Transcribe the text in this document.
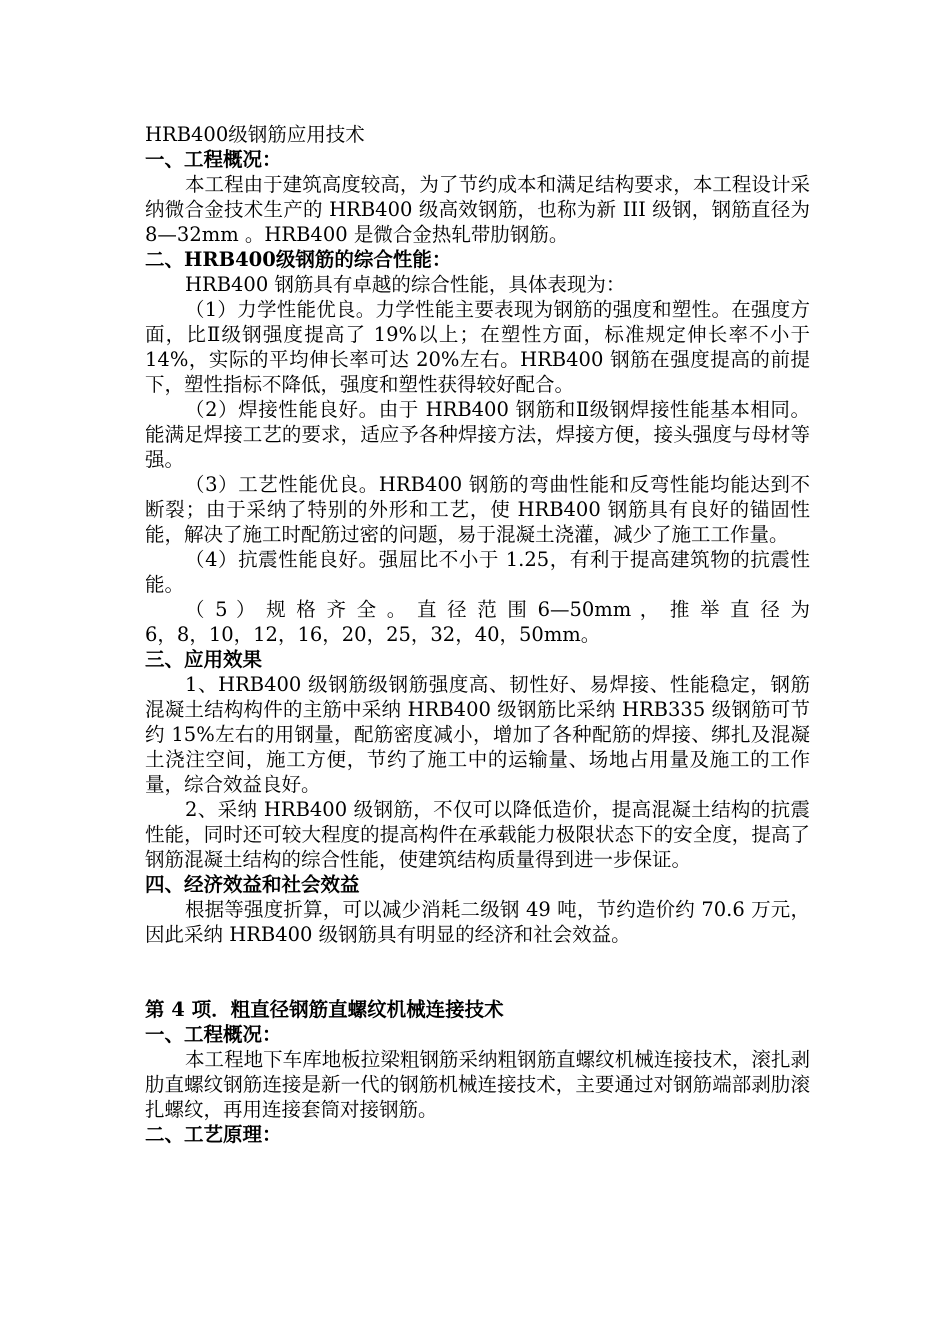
HRB400级钢筋应用技术

一、工程概况：

本工程由于建筑高度较高，为了节约成本和满足结构要求，本工程设计采纳微合金技术生产的 HRB400 级高效钢筋，也称为新 III 级钢，钢筋直径为 8—32mm 。HRB400 是微合金热轧带肋钢筋。

二、HRB400级钢筋的综合性能：

HRB400 钢筋具有卓越的综合性能，具体表现为：

（1）力学性能优良。力学性能主要表现为钢筋的强度和塑性。在强度方面，比Ⅱ级钢强度提高了 19%以上；在塑性方面，标准规定伸长率不小于 14%，实际的平均伸长率可达 20%左右。HRB400 钢筋在强度提高的前提下，塑性指标不降低，强度和塑性获得较好配合。

（2）焊接性能良好。由于 HRB400 钢筋和Ⅱ级钢焊接性能基本相同。能满足焊接工艺的要求，适应予各种焊接方法，焊接方便，接头强度与母材等强。

（3）工艺性能优良。HRB400 钢筋的弯曲性能和反弯性能均能达到不断裂；由于采纳了特别的外形和工艺，使 HRB400 钢筋具有良好的锚固性能，解决了施工时配筋过密的问题，易于混凝土浇灌，减少了施工工作量。

（4）抗震性能良好。强屈比不小于 1.25，有利于提高建筑物的抗震性能。

（ 5 ） 规 格 齐 全 。 直 径 范 围 6—50mm ， 推 举 直 径 为

6，8，10，12，16，20，25，32，40，50mm。

三、应用效果

1、HRB400 级钢筋级钢筋强度高、韧性好、易焊接、性能稳定，钢筋混凝土结构构件的主筋中采纳 HRB400 级钢筋比采纳 HRB335 级钢筋可节约 15%左右的用钢量，配筋密度减小，增加了各种配筋的焊接、绑扎及混凝土浇注空间，施工方便，节约了施工中的运输量、场地占用量及施工的工作量，综合效益良好。

2、采纳 HRB400 级钢筋，不仅可以降低造价，提高混凝土结构的抗震性能，同时还可较大程度的提高构件在承载能力极限状态下的安全度，提高了钢筋混凝土结构的综合性能，使建筑结构质量得到进一步保证。

四、经济效益和社会效益

根据等强度折算，可以减少消耗二级钢 49 吨，节约造价约 70.6 万元，因此采纳 HRB400 级钢筋具有明显的经济和社会效益。

第 4 项．粗直径钢筋直螺纹机械连接技术

一、工程概况：

本工程地下车库地板拉梁粗钢筋采纳粗钢筋直螺纹机械连接技术，滚扎剥肋直螺纹钢筋连接是新一代的钢筋机械连接技术，主要通过对钢筋端部剥肋滚扎螺纹，再用连接套筒对接钢筋。

二、工艺原理：
